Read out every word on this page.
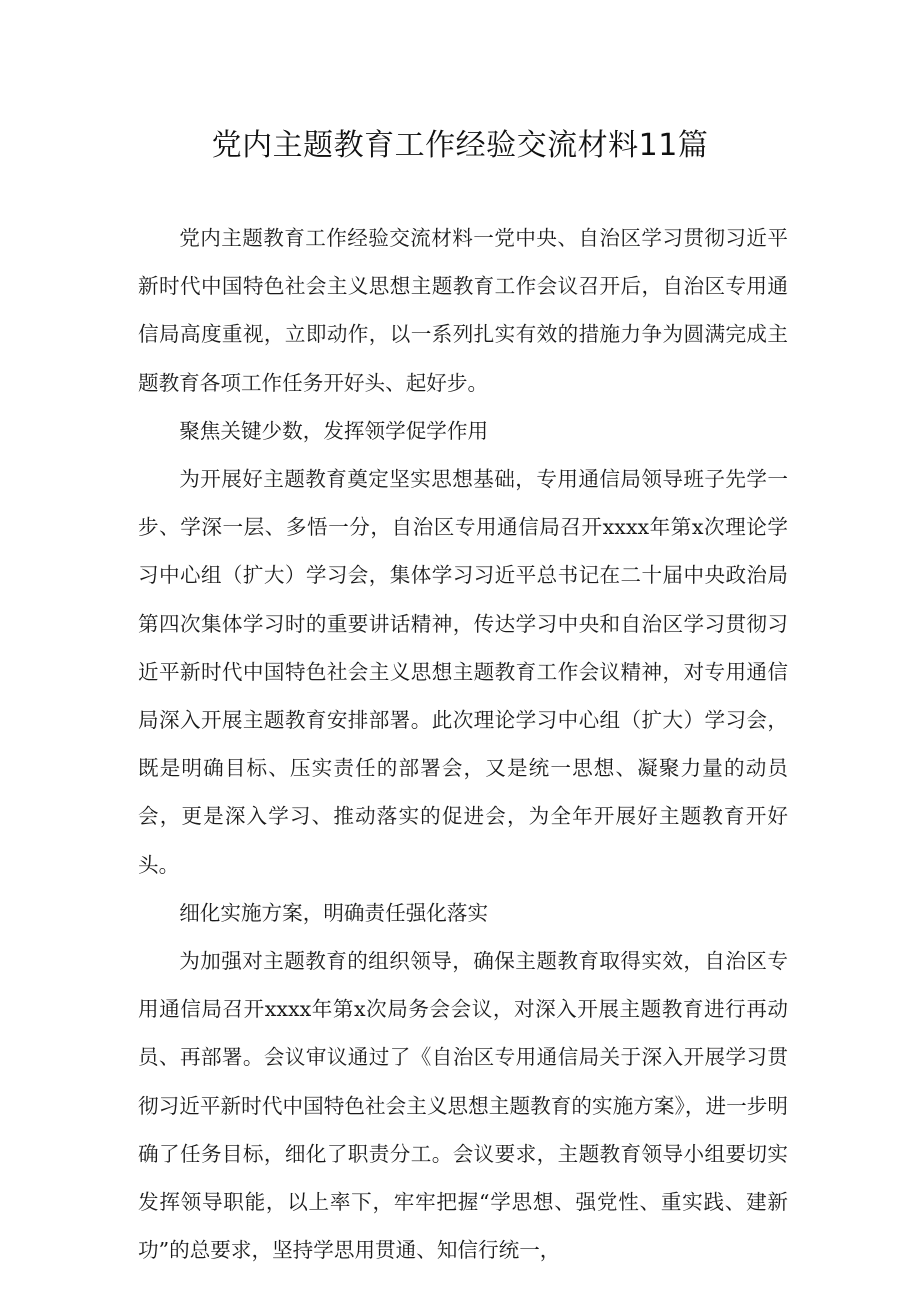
党内主题教育工作经验交流材料11篇

党内主题教育工作经验交流材料一党中央、自治区学习贯彻习近平新时代中国特色社会主义思想主题教育工作会议召开后，自治区专用通信局高度重视，立即动作，以一系列扎实有效的措施力争为圆满完成主题教育各项工作任务开好头、起好步。

聚焦关键少数，发挥领学促学作用

为开展好主题教育奠定坚实思想基础，专用通信局领导班子先学一步、学深一层、多悟一分，自治区专用通信局召开xxxx年第x次理论学习中心组（扩大）学习会，集体学习习近平总书记在二十届中央政治局第四次集体学习时的重要讲话精神，传达学习中央和自治区学习贯彻习近平新时代中国特色社会主义思想主题教育工作会议精神，对专用通信局深入开展主题教育安排部署。此次理论学习中心组（扩大）学习会，既是明确目标、压实责任的部署会，又是统一思想、凝聚力量的动员会，更是深入学习、推动落实的促进会，为全年开展好主题教育开好头。

细化实施方案，明确责任强化落实

为加强对主题教育的组织领导，确保主题教育取得实效，自治区专用通信局召开xxxx年第x次局务会会议，对深入开展主题教育进行再动员、再部署。会议审议通过了《自治区专用通信局关于深入开展学习贯彻习近平新时代中国特色社会主义思想主题教育的实施方案》，进一步明确了任务目标，细化了职责分工。会议要求，主题教育领导小组要切实发挥领导职能，以上率下，牢牢把握“学思想、强党性、重实践、建新功”的总要求，坚持学思用贯通、知信行统一，
